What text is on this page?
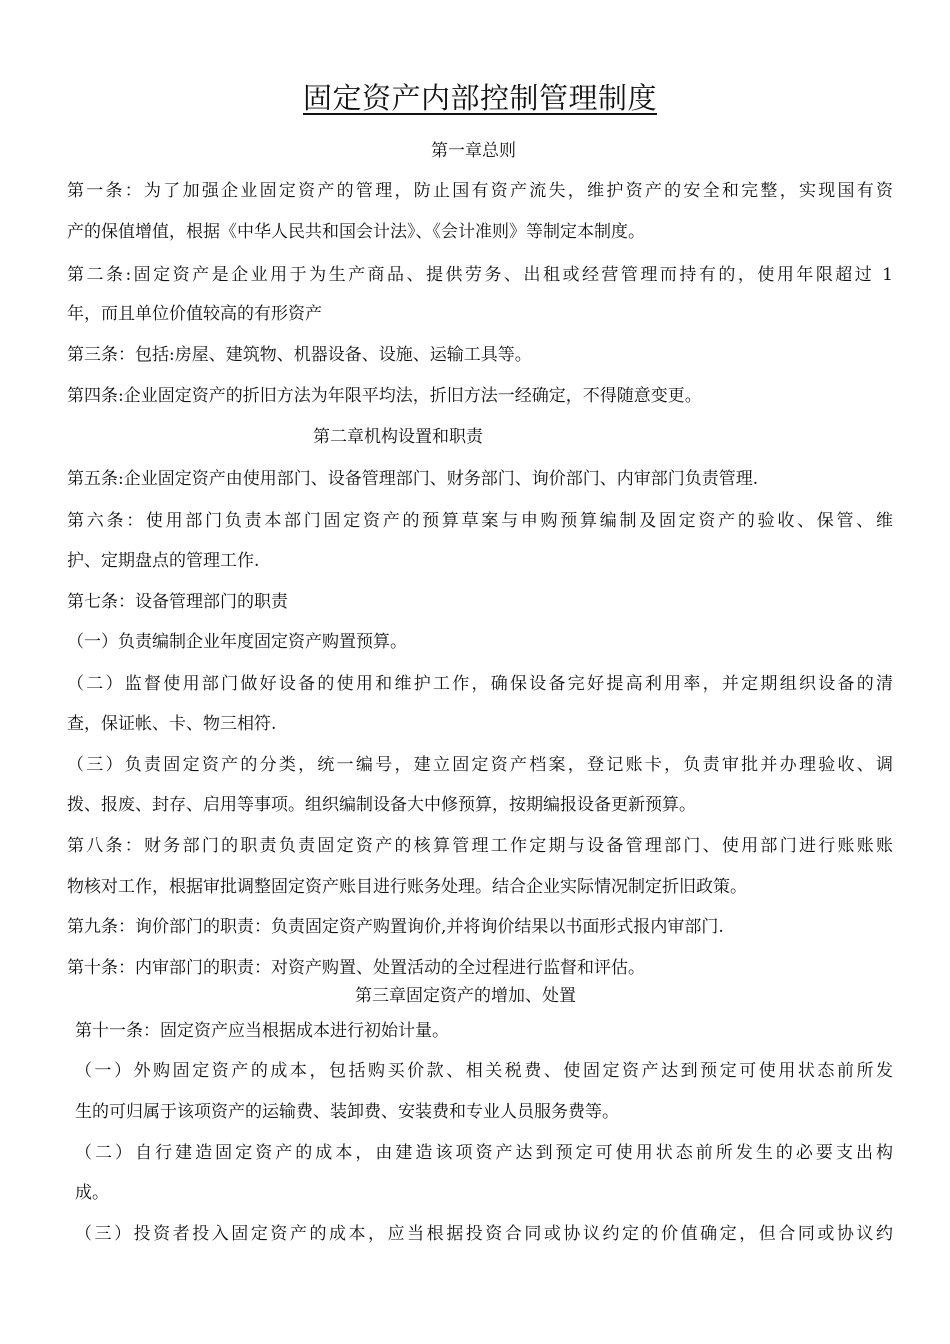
固定资产内部控制管理制度
第一章总则
第一条：为了加强企业固定资产的管理，防止国有资产流失，维护资产的安全和完整，实现国有资
产的保值增值，根据《中华人民共和国会计法》、《会计准则》等制定本制度。
第二条:固定资产是企业用于为生产商品、提供劳务、出租或经营管理而持有的，使用年限超过 1
年，而且单位价值较高的有形资产
第三条：包括:房屋、建筑物、机器设备、设施、运输工具等。
第四条:企业固定资产的折旧方法为年限平均法，折旧方法一经确定，不得随意变更。
第二章机构设置和职责
第五条:企业固定资产由使用部门、设备管理部门、财务部门、询价部门、内审部门负责管理.
第六条：使用部门负责本部门固定资产的预算草案与申购预算编制及固定资产的验收、保管、维
护、定期盘点的管理工作.
第七条：设备管理部门的职责
（一）负责编制企业年度固定资产购置预算。
（二）监督使用部门做好设备的使用和维护工作，确保设备完好提高利用率，并定期组织设备的清
查，保证帐、卡、物三相符.
（三）负责固定资产的分类，统一编号，建立固定资产档案，登记账卡，负责审批并办理验收、调
拨、报废、封存、启用等事项。组织编制设备大中修预算，按期编报设备更新预算。
第八条：财务部门的职责负责固定资产的核算管理工作定期与设备管理部门、使用部门进行账账账
物核对工作，根据审批调整固定资产账目进行账务处理。结合企业实际情况制定折旧政策。
第九条：询价部门的职责：负责固定资产购置询价,并将询价结果以书面形式报内审部门.
第十条：内审部门的职责：对资产购置、处置活动的全过程进行监督和评估。
第三章固定资产的增加、处置
第十一条：固定资产应当根据成本进行初始计量。
（一）外购固定资产的成本，包括购买价款、相关税费、使固定资产达到预定可使用状态前所发
生的可归属于该项资产的运输费、装卸费、安装费和专业人员服务费等。
（二）自行建造固定资产的成本，由建造该项资产达到预定可使用状态前所发生的必要支出构
成。
（三）投资者投入固定资产的成本，应当根据投资合同或协议约定的价值确定，但合同或协议约
